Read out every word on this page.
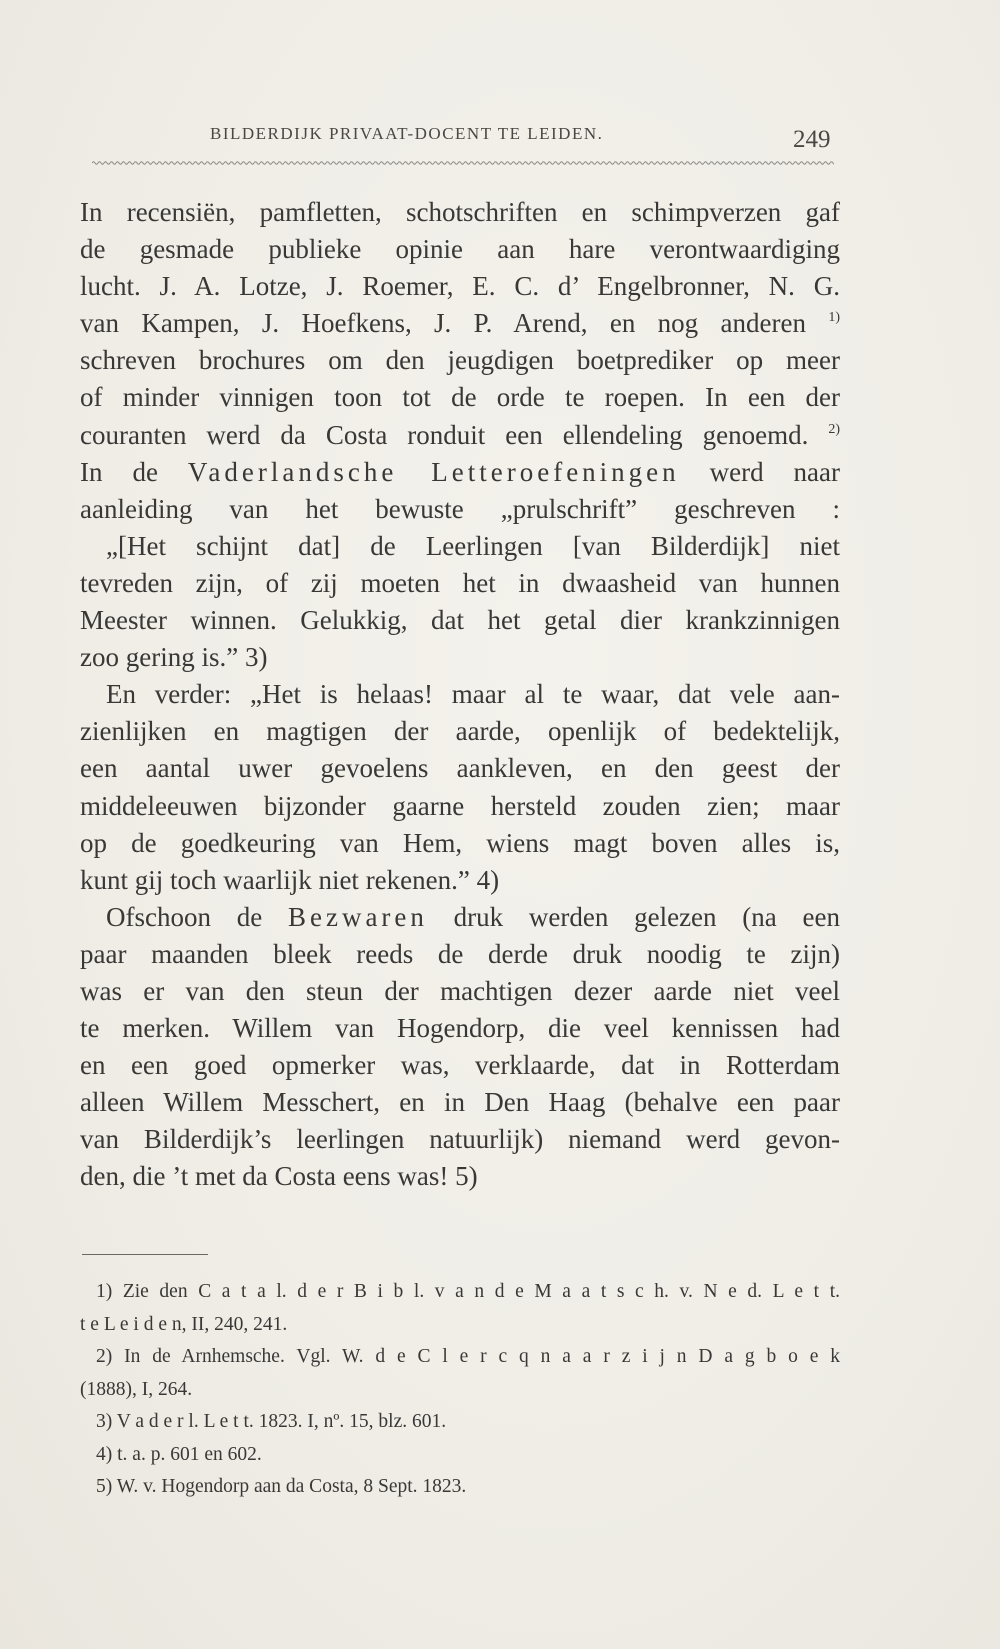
BILDERDIJK PRIVAAT-DOCENT TE LEIDEN.	249
In recensiën, pamfletten, schotschriften en schimpverzen gaf
de gesmade publieke opinie aan hare verontwaardiging
lucht. J. A. Lotze, J. Roemer, E. C. d’ Engelbronner, N. G.
van Kampen, J. Hoefkens, J. P. Arend, en nog anderen $^{1)}$
schreven brochures om den jeugdigen boetprediker op meer
of minder vinnigen toon tot de orde te roepen. In een der
couranten werd da Costa ronduit een ellendeling genoemd. $^{2)}$
In de Vaderlandsche Letteroefeningen werd naar
aanleiding van het bewuste „prulschrift” geschreven :
„[Het schijnt dat] de Leerlingen [van Bilderdijk] niet
tevreden zijn, of zij moeten het in dwaasheid van hunnen
Meester winnen. Gelukkig, dat het getal dier krankzinnigen
zoo gering is.” 3)
En verder: „Het is helaas! maar al te waar, dat vele aan-
zienlijken en magtigen der aarde, openlijk of bedektelijk,
een aantal uwer gevoelens aankleven, en den geest der
middeleeuwen bijzonder gaarne hersteld zouden zien; maar
op de goedkeuring van Hem, wiens magt boven alles is,
kunt gij toch waarlijk niet rekenen.” 4)
Ofschoon de Bezwaren druk werden gelezen (na een
paar maanden bleek reeds de derde druk noodig te zijn)
was er van den steun der machtigen dezer aarde niet veel
te merken. Willem van Hogendorp, die veel kennissen had
en een goed opmerker was, verklaarde, dat in Rotterdam
alleen Willem Messchert, en in Den Haag (behalve een paar
van Bilderdijk’s leerlingen natuurlijk) niemand werd gevon-
den, die ’t met da Costa eens was! 5)
1) Zie den C a t a l. d e r B i b l. v a n d e M a a t s c h. v. N e d. L e t t.
t e L e i d e n, II, 240, 241.
2) In de Arnhemsche. Vgl. W. d e C l e r c q n a a r z i j n D a g b o e k
(1888), I, 264.
3) V a d e r l. L e t t. 1823. I, nº. 15, blz. 601.
4) t. a. p. 601 en 602.
5) W. v. Hogendorp aan da Costa, 8 Sept. 1823.
